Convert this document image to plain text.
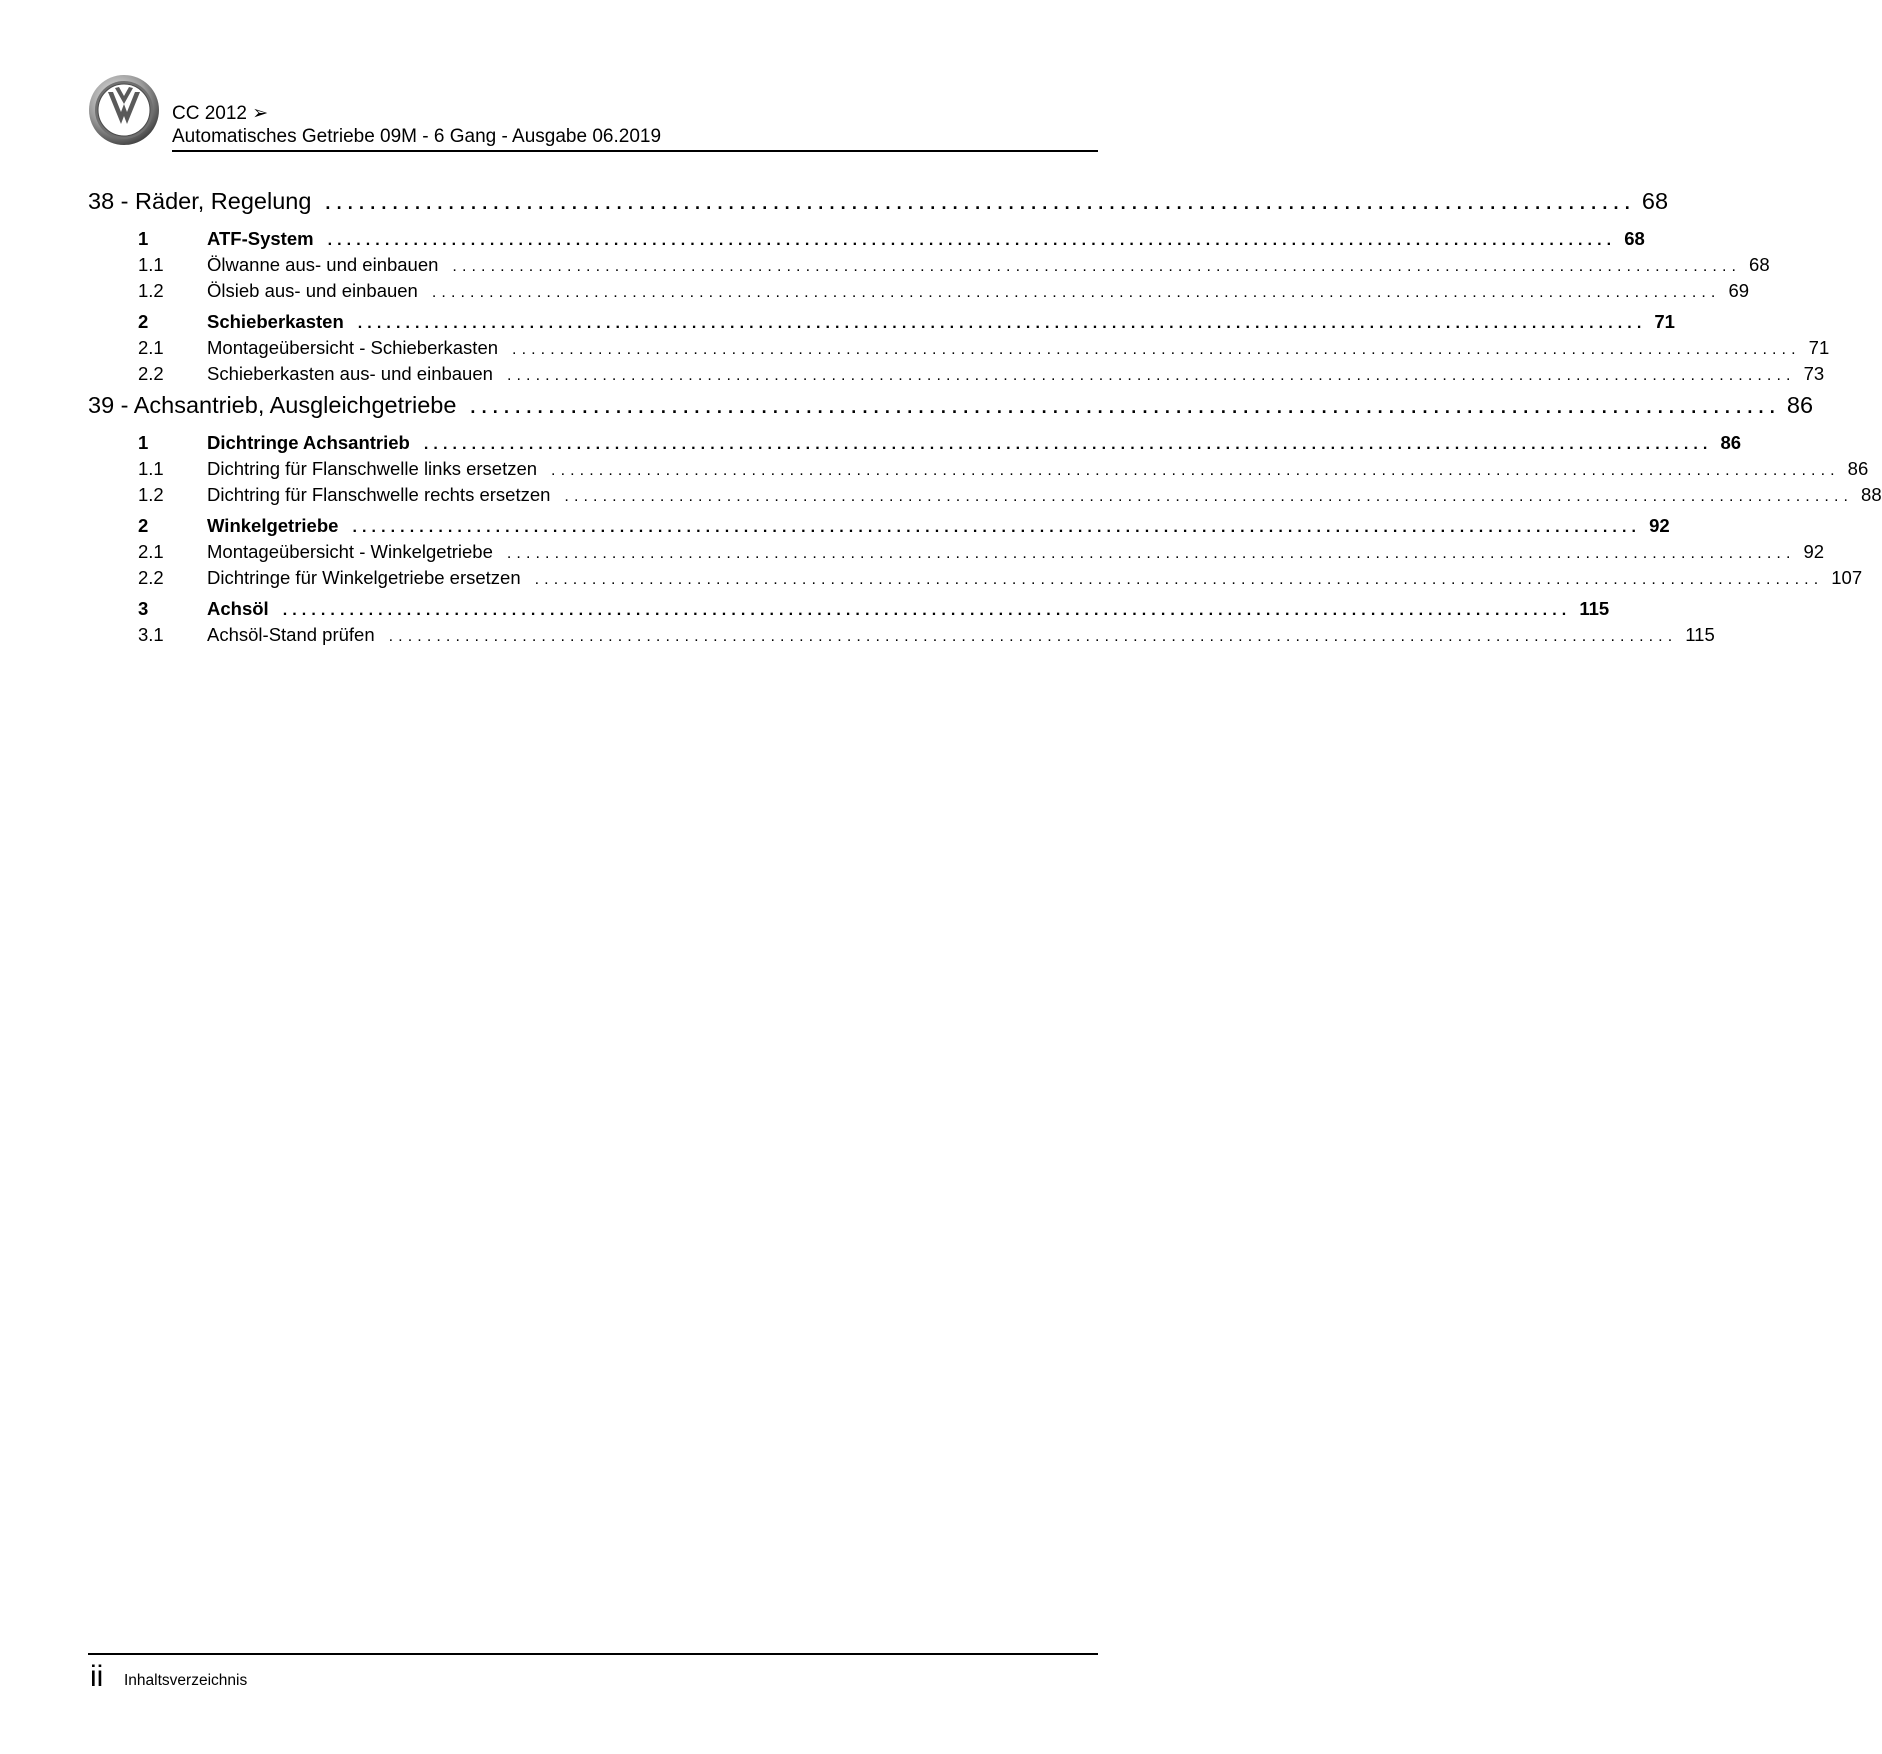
CC 2012 ➢
Automatisches Getriebe 09M - 6 Gang - Ausgabe 06.2019
38 - Räder, Regelung ..................................................................................................................... 68
1	ATF-System ....................................................................................................................................... 68
1.1	Ölwanne aus- und einbauen ....................................................................................................................................... 68
1.2	Ölsieb aus- und einbauen ....................................................................................................................................... 69
2	Schieberkasten ....................................................................................................................................... 71
2.1	Montageübersicht - Schieberkasten ....................................................................................................................................... 71
2.2	Schieberkasten aus- und einbauen ....................................................................................................................................... 73
39 - Achsantrieb, Ausgleichgetriebe ..................................................................................................................... 86
1	Dichtringe Achsantrieb ....................................................................................................................................... 86
1.1	Dichtring für Flanschwelle links ersetzen ....................................................................................................................................... 86
1.2	Dichtring für Flanschwelle rechts ersetzen ....................................................................................................................................... 88
2	Winkelgetriebe ....................................................................................................................................... 92
2.1	Montageübersicht - Winkelgetriebe ....................................................................................................................................... 92
2.2	Dichtringe für Winkelgetriebe ersetzen ....................................................................................................................................... 107
3	Achsöl ....................................................................................................................................... 115
3.1	Achsöl-Stand prüfen ....................................................................................................................................... 115
ii Inhaltsverzeichnis
